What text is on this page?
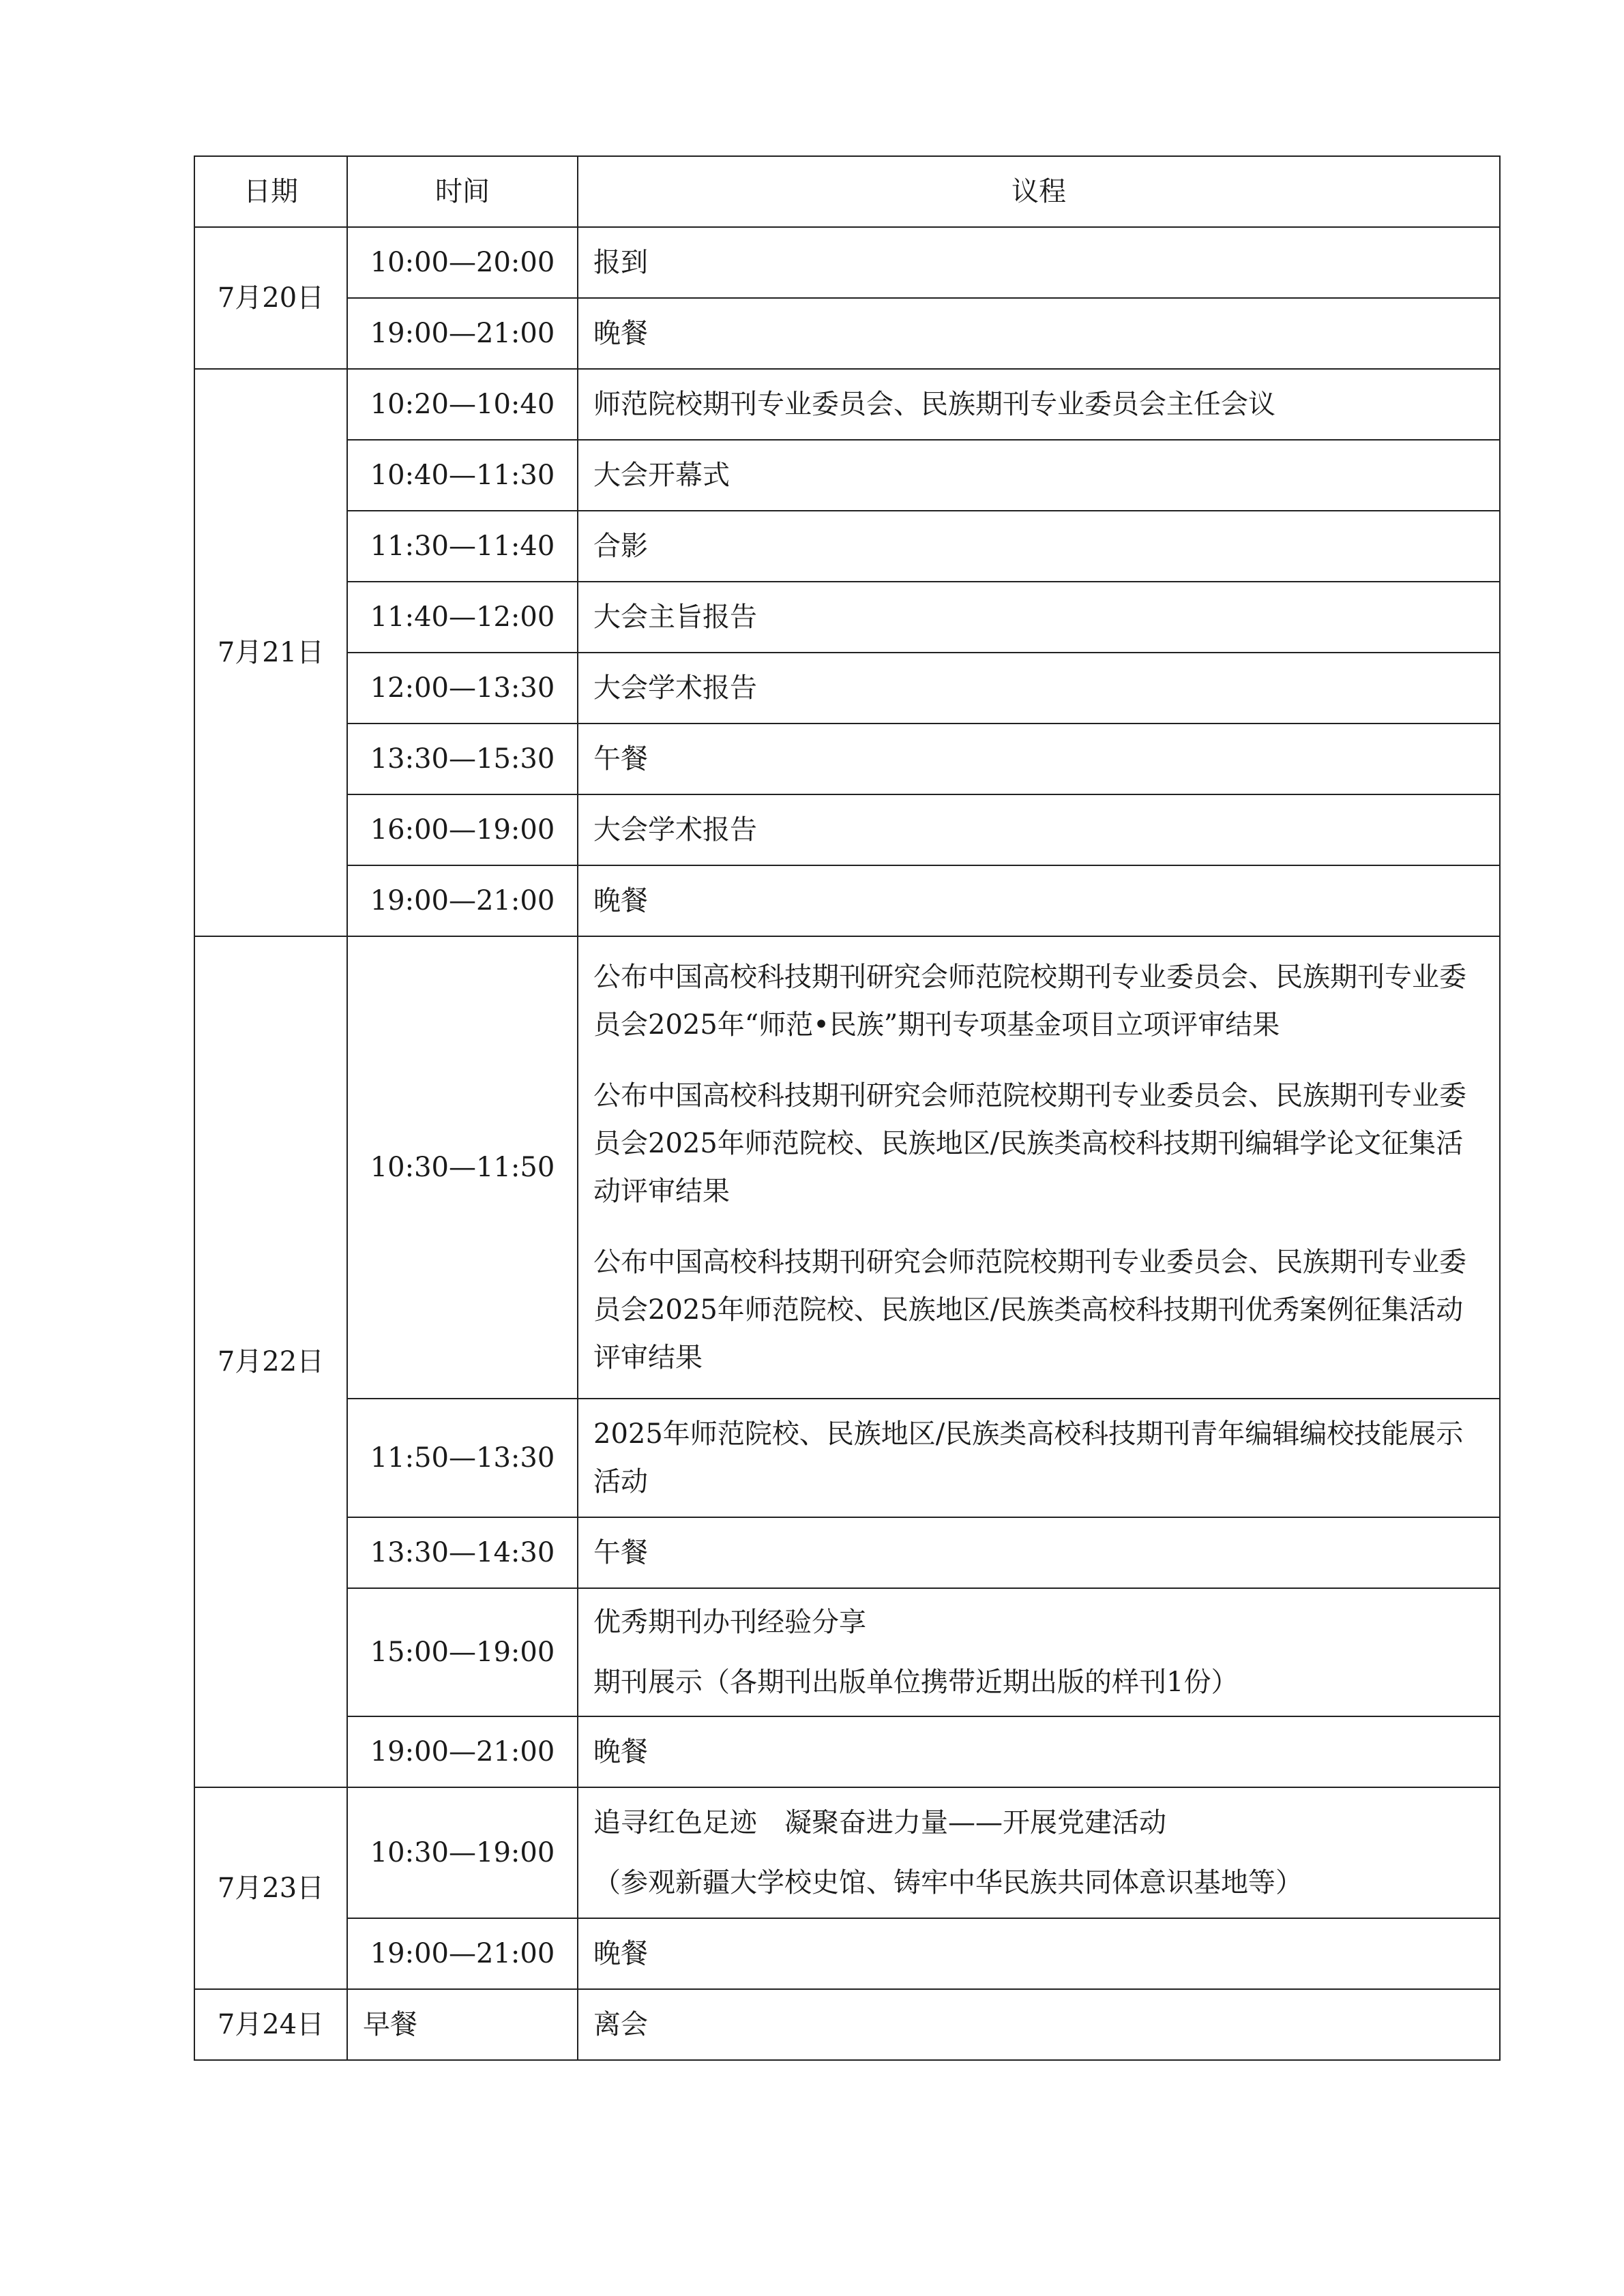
日期	时间	议程
7月20日	10:00—20:00	报到
	19:00—21:00	晚餐
7月21日	10:20—10:40	师范院校期刊专业委员会、民族期刊专业委员会主任会议
	10:40—11:30	大会开幕式
	11:30—11:40	合影
	11:40—12:00	大会主旨报告
	12:00—13:30	大会学术报告
	13:30—15:30	午餐
	16:00—19:00	大会学术报告
	19:00—21:00	晚餐
7月22日	10:30—11:50	公布中国高校科技期刊研究会师范院校期刊专业委员会、民族期刊专业委员会2025年“师范•民族”期刊专项基金项目立项评审结果
公布中国高校科技期刊研究会师范院校期刊专业委员会、民族期刊专业委员会2025年师范院校、民族地区/民族类高校科技期刊编辑学论文征集活动评审结果
公布中国高校科技期刊研究会师范院校期刊专业委员会、民族期刊专业委员会2025年师范院校、民族地区/民族类高校科技期刊优秀案例征集活动评审结果

	11:50—13:30	2025年师范院校、民族地区/民族类高校科技期刊青年编辑编校技能展示活动
	13:30—14:30	午餐
	15:00—19:00	优秀期刊办刊经验分享
期刊展示（各期刊出版单位携带近期出版的样刊1份）

	19:00—21:00	晚餐
7月23日	10:30—19:00	追寻红色足迹　凝聚奋进力量——开展党建活动
（参观新疆大学校史馆、铸牢中华民族共同体意识基地等）

	19:00—21:00	晚餐
7月24日	早餐	离会
